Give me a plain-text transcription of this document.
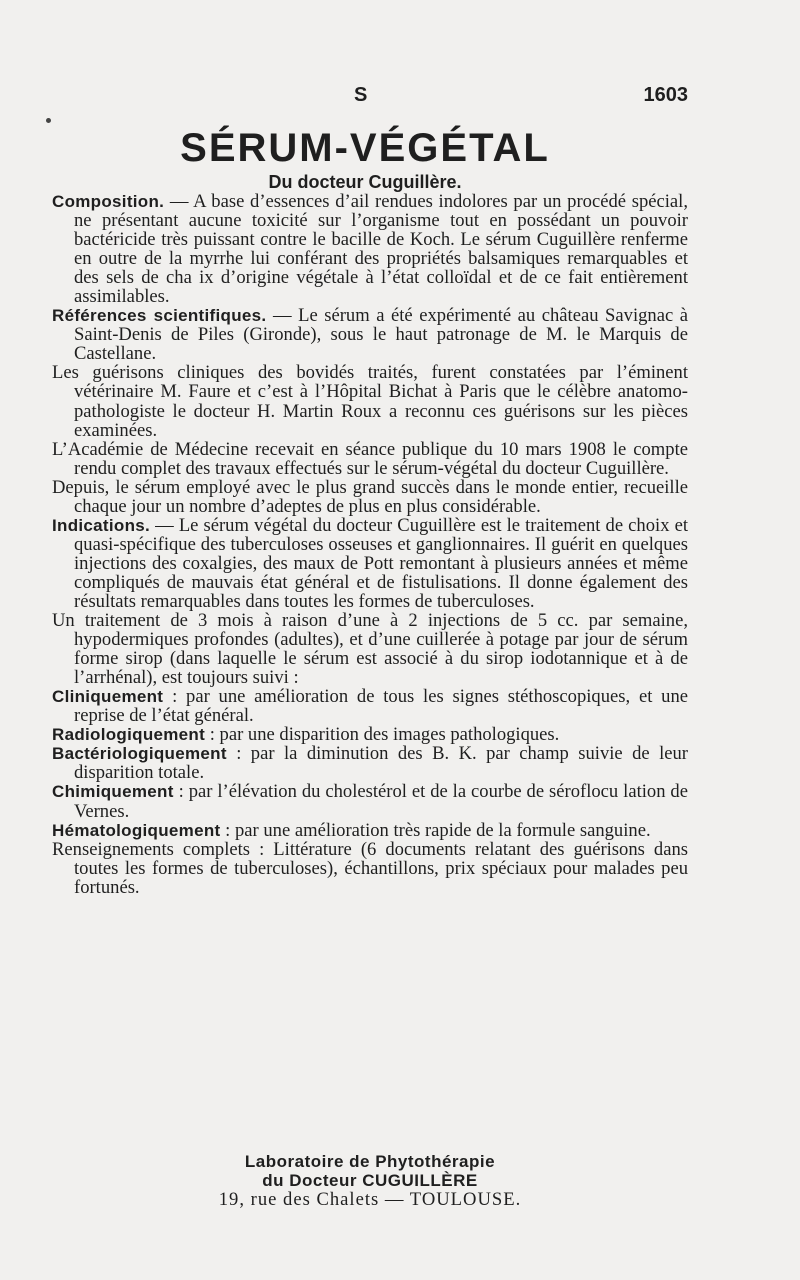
S	1603
SÉRUM-VÉGÉTAL
Du docteur Cuguillère.

Composition. — A base d’essences d’ail rendues indolores par un procédé spécial, ne présentant aucune toxicité sur l’organisme tout en possédant un pouvoir bactéricide très puissant contre le bacille de Koch. Le sérum Cuguillère renferme en outre de la myrrhe lui conférant des propriétés balsamiques remarquables et des sels de cha ix d’origine végétale à l’état colloïdal et de ce fait entièrement assimilables.

Références scientifiques. — Le sérum a été expérimenté au château Savignac à Saint-Denis de Piles (Gironde), sous le haut patronage de M. le Marquis de Castellane.

Les guérisons cliniques des bovidés traités, furent constatées par l’éminent vétérinaire M. Faure et c’est à l’Hôpital Bichat à Paris que le célèbre anatomo-pathologiste le docteur H. Martin Roux a reconnu ces guérisons sur les pièces examinées.

L’Académie de Médecine recevait en séance publique du 10 mars 1908 le compte rendu complet des travaux effectués sur le sérum-végétal du docteur Cuguillère.

Depuis, le sérum employé avec le plus grand succès dans le monde entier, recueille chaque jour un nombre d’adeptes de plus en plus considérable.

Indications. — Le sérum végétal du docteur Cuguillère est le traitement de choix et quasi-spécifique des tuberculoses osseuses et ganglionnaires. Il guérit en quelques injections des coxalgies, des maux de Pott remontant à plusieurs années et même compliqués de mauvais état général et de fistulisations. Il donne également des résultats remarquables dans toutes les formes de tuberculoses.

Un traitement de 3 mois à raison d’une à 2 injections de 5 cc. par semaine, hypodermiques profondes (adultes), et d’une cuillerée à potage par jour de sérum forme sirop (dans laquelle le sérum est associé à du sirop iodotannique et à de l’arrhénal), est toujours suivi :

Cliniquement : par une amélioration de tous les signes stéthoscopiques, et une reprise de l’état général.

Radiologiquement : par une disparition des images pathologiques.

Bactériologiquement : par la diminution des B. K. par champ suivie de leur disparition totale.

Chimiquement : par l’élévation du cholestérol et de la courbe de séroflocu lation de Vernes.

Hématologiquement : par une amélioration très rapide de la formule sanguine.

Renseignements complets : Littérature (6 documents relatant des guérisons dans toutes les formes de tuberculoses), échantillons, prix spéciaux pour malades peu fortunés.

Laboratoire de Phytothérapie
du Docteur CUGUILLÈRE
19, rue des Chalets — TOULOUSE.
